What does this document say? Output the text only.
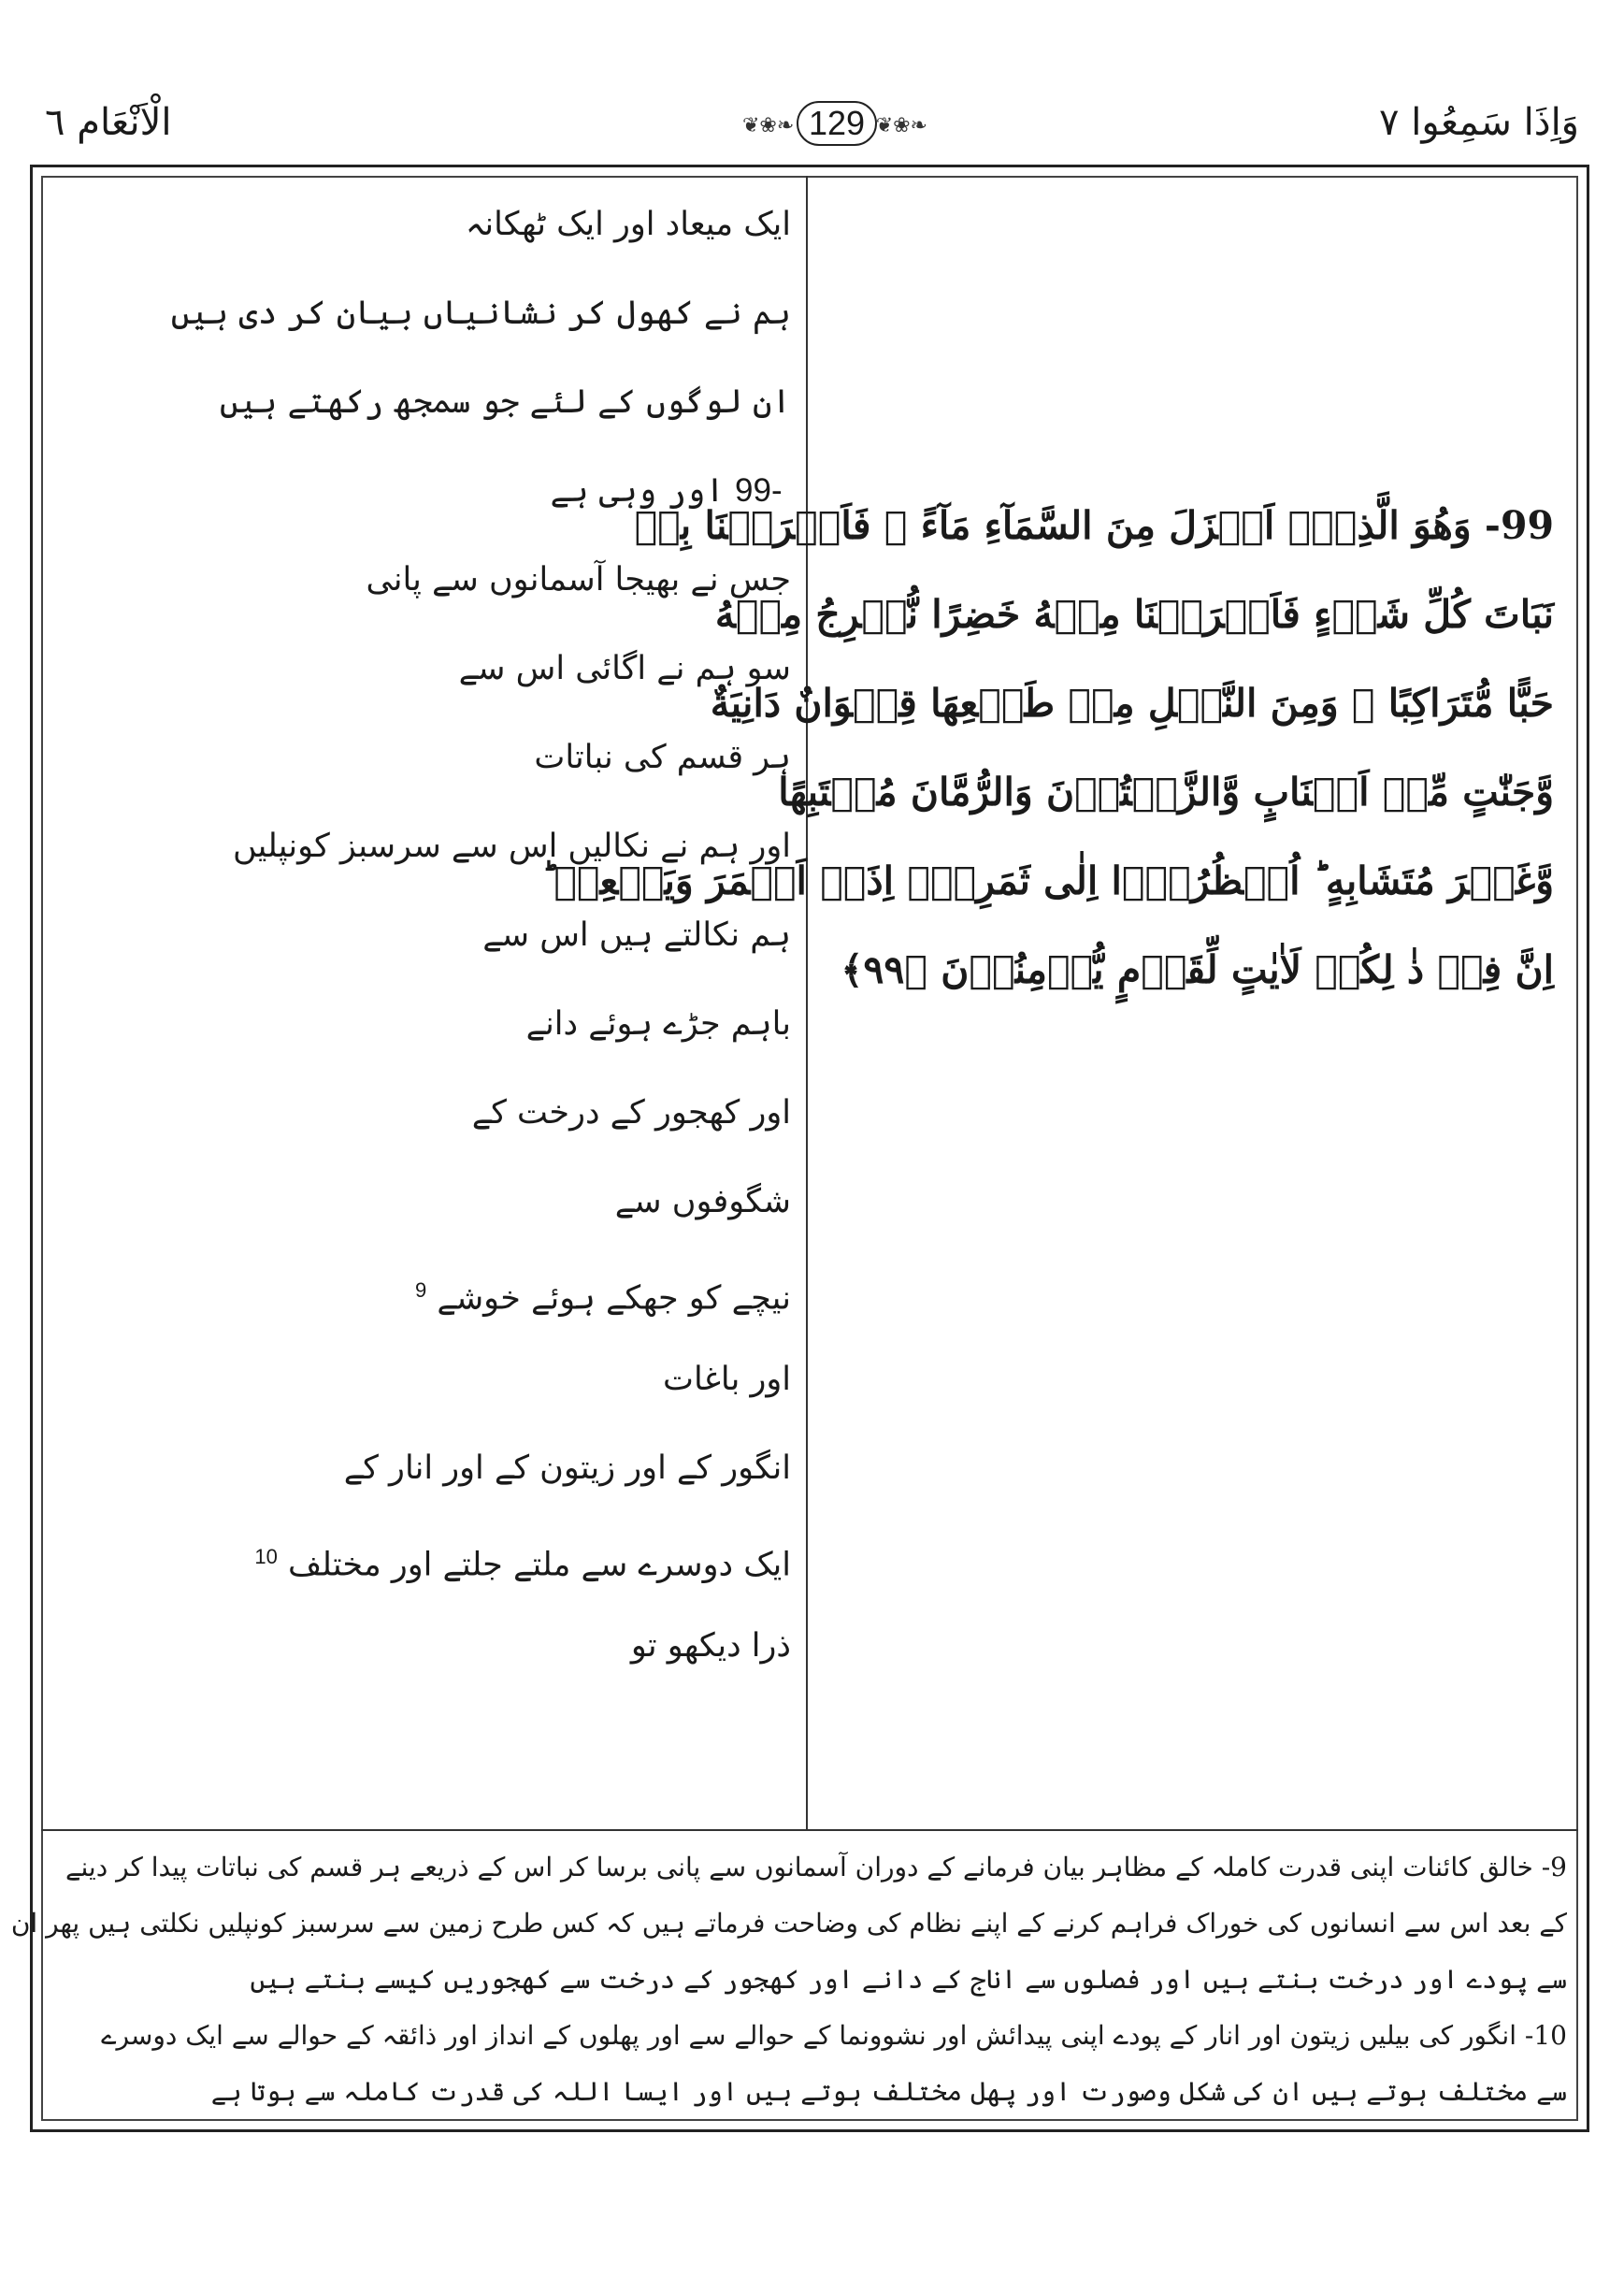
الْاَنْعَام ٦	❦❀❧ 129 ❦❀❧	وَاِذَا سَمِعُوا ٧
ایک میعاد اور ایک ٹھکانہ
ہم نے کھول کر نشانیاں بیان کر دی ہیں
ان لوگوں کے لئے جو سمجھ رکھتے ہیں
-99 اور وہی ہے
جس نے بھیجا آسمانوں سے پانی
سو ہم نے اگائی اس سے
ہر قسم کی نباتات
اور ہم نے نکالیں اس سے سرسبز کونپلیں
ہم نکالتے ہیں اس سے
باہم جڑے ہوئے دانے
اور کھجور کے درخت کے
شگوفوں سے
نیچے کو جھکے ہوئے خوشے $^9$
اور باغات
انگور کے اور زیتون کے اور انار کے
ایک دوسرے سے ملتے جلتے اور مختلف $^{10}$
ذرا دیکھو تو
99- وَهُوَ الَّذِيۡۤ اَنۡزَلَ مِنَ السَّمَآءِ مَآءً‌ ۚ فَاَخۡرَجۡنَا بِهٖ
نَبَاتَ كُلِّ شَىۡءٍ فَاَخۡرَجۡنَا مِنۡهُ خَضِرًا نُّخۡرِجُ مِنۡهُ
حَبًّا مُّتَرَاكِبًا‌ ۚ وَمِنَ النَّخۡلِ مِنۡ طَلۡعِهَا قِنۡوَانٌ دَانِيَةٌ
وَّجَنّٰتٍ مِّنۡ اَعۡنَابٍ وَّالزَّيۡتُوۡنَ وَالرُّمَّانَ مُشۡتَبِهًا
وَّغَيۡرَ مُتَشَابِهٍ‌ ؕ اُنۡظُرُوۡۤا اِلٰى ثَمَرِهٖۤ اِذَاۤ اَثۡمَرَ وَيَنۡعِهٖ‌ ؕ
اِنَّ فِىۡ ذٰ لِكُمۡ لَاٰيٰتٍ لِّقَوۡمٍ يُّؤۡمِنُوۡنَ ﴿۹۹﴾
9- خالق کائنات اپنی قدرت کاملہ کے مظاہر بیان فرمانے کے دوران آسمانوں سے پانی برسا کر اس کے ذریعے ہر قسم کی نباتات پیدا کر دینے
کے بعد اس سے انسانوں کی خوراک فراہم کرنے کے اپنے نظام کی وضاحت فرماتے ہیں کہ کس طرح زمین سے سرسبز کونپلیں نکلتی ہیں پھر ان
سے پودے اور درخت بنتے ہیں اور فصلوں سے اناج کے دانے اور کھجور کے درخت سے کھجوریں کیسے بنتے ہیں
10- انگور کی بیلیں زیتون اور انار کے پودے اپنی پیدائش اور نشوونما کے حوالے سے اور پھلوں کے انداز اور ذائقہ کے حوالے سے ایک دوسرے
سے مختلف ہوتے ہیں ان کی شکل وصورت اور پھل مختلف ہوتے ہیں اور ایسا اللہ کی قدرت کاملہ سے ہوتا ہے
